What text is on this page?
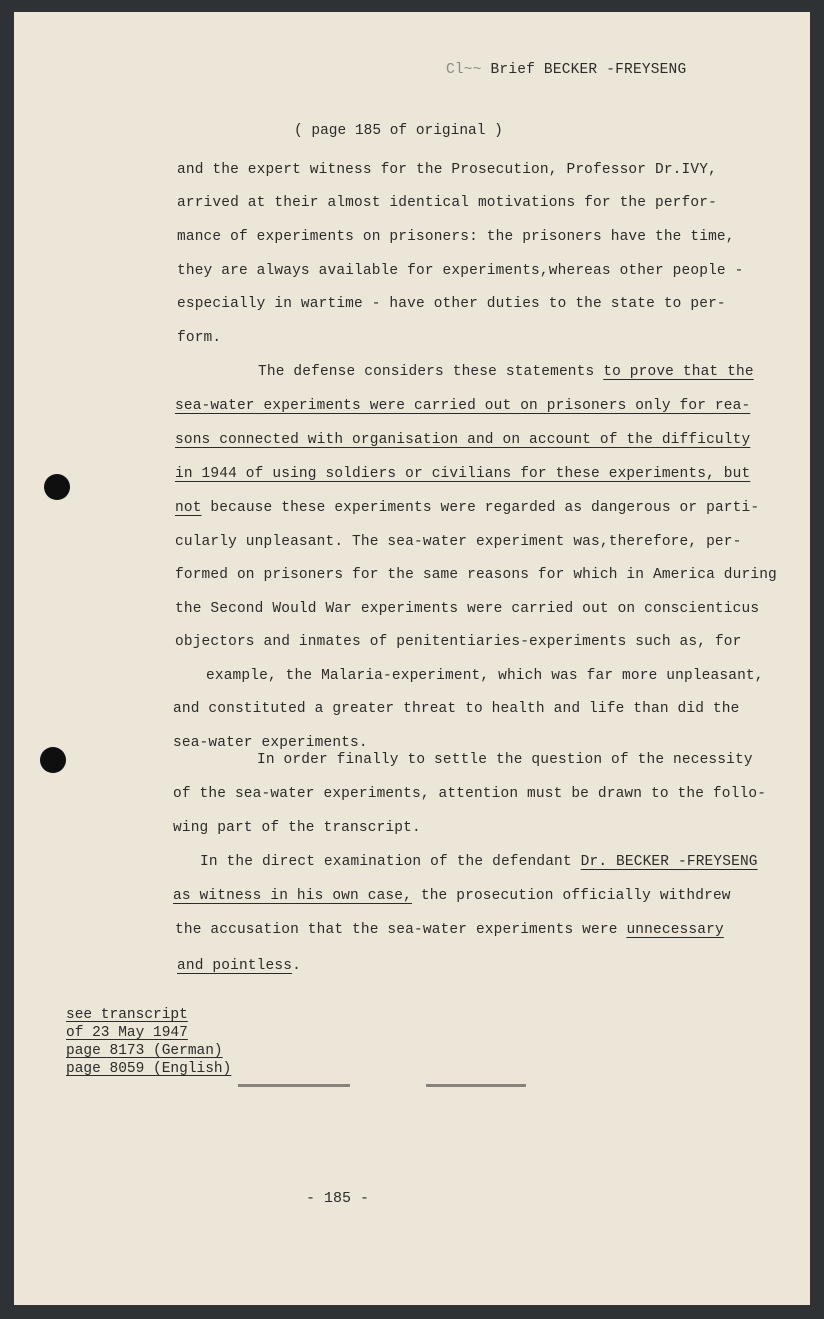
Cl~~ Brief BECKER -FREYSENG
( page 185 of original )
and the expert witness for the Prosecution, Professor Dr.IVY,
arrived at their almost identical motivations for the perfor-
mance of experiments on prisoners: the prisoners have the time,
they are always available for experiments,whereas other people -
especially in wartime - have other duties to the state to per-
form.
The defense considers these statements to prove that the
sea-water experiments were carried out on prisoners only for rea-
sons connected with organisation and on account of the difficulty
in 1944 of using soldiers or civilians for these experiments, but
not because these experiments were regarded as dangerous or parti-
cularly unpleasant. The sea-water experiment was,therefore, per-
formed on prisoners for the same reasons for which in America during
the Second Would War experiments were carried out on conscienticus
objectors and inmates of penitentiaries-experiments such as, for
example, the Malaria-experiment, which was far more unpleasant,
and constituted a greater threat to health and life than did the
sea-water experiments.
In order finally to settle the question of the necessity
of the sea-water experiments, attention must be drawn to the follo-
wing part of the transcript.
In the direct examination of the defendant Dr. BECKER -FREYSENG
as witness in his own case, the prosecution officially withdrew
the accusation that the sea-water experiments were unnecessary
and pointless.
see transcript
of 23 May 1947
page 8173 (German)
page 8059 (English)
- 185 -
